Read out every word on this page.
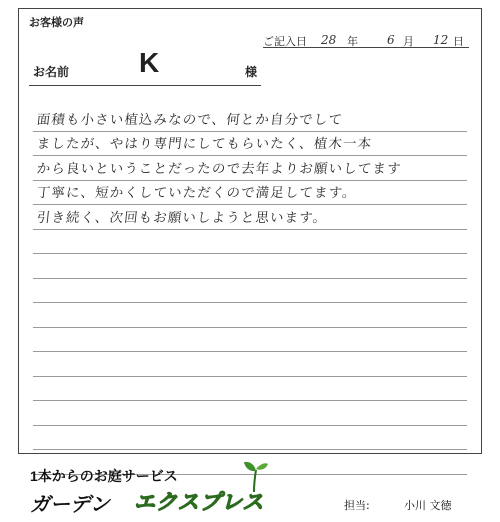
お客様の声
ご記入日 28 年 6 月 12 日
お名前 K	様
面積も小さい植込みなので、何とか自分でして
ましたが、やはり専門にしてもらいたく、植木一本
から良いということだったので去年よりお願いしてます
丁寧に、短かくしていただくので満足してます。
引き続く、次回もお願いしようと思います。
1本からのお庭サービス
ガーデン エクスプレス	担当:	小川 文徳
